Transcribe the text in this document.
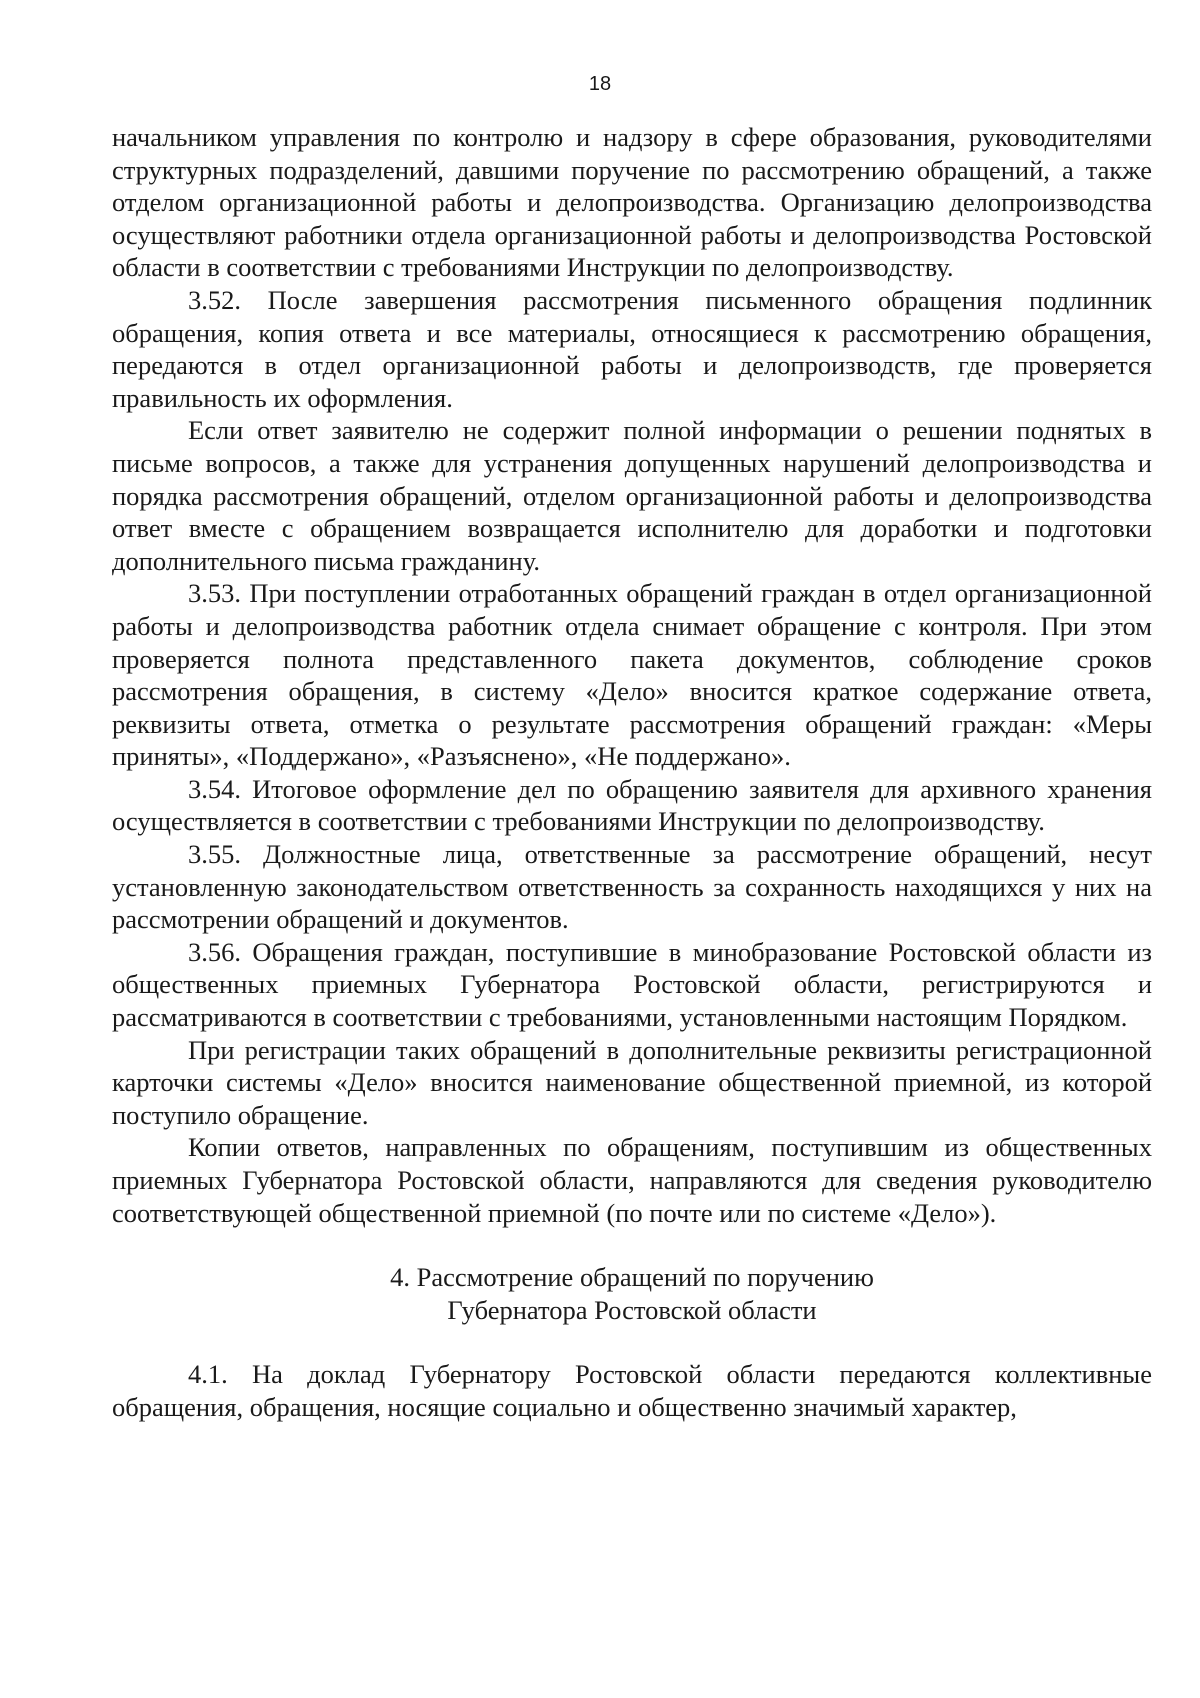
18

начальником управления по контролю и надзору в сфере образования, руководителями структурных подразделений, давшими поручение по рассмотрению обращений, а также отделом организационной работы и делопроизводства. Организацию делопроизводства осуществляют работники отдела организационной работы и делопроизводства Ростовской области в соответствии с требованиями Инструкции по делопроизводству.

3.52. После завершения рассмотрения письменного обращения подлинник обращения, копия ответа и все материалы, относящиеся к рассмотрению обращения, передаются в отдел организационной работы и делопроизводств, где проверяется правильность их оформления.

Если ответ заявителю не содержит полной информации о решении поднятых в письме вопросов, а также для устранения допущенных нарушений делопроизводства и порядка рассмотрения обращений, отделом организационной работы и делопроизводства ответ вместе с обращением возвращается исполнителю для доработки и подготовки дополнительного письма гражданину.

3.53. При поступлении отработанных обращений граждан в отдел организационной работы и делопроизводства работник отдела снимает обращение с контроля. При этом проверяется полнота представленного пакета документов, соблюдение сроков рассмотрения обращения, в систему «Дело» вносится краткое содержание ответа, реквизиты ответа, отметка о результате рассмотрения обращений граждан: «Меры приняты», «Поддержано», «Разъяснено», «Не поддержано».

3.54. Итоговое оформление дел по обращению заявителя для архивного хранения осуществляется в соответствии с требованиями Инструкции по делопроизводству.

3.55. Должностные лица, ответственные за рассмотрение обращений, несут установленную законодательством ответственность за сохранность находящихся у них на рассмотрении обращений и документов.

3.56. Обращения граждан, поступившие в минобразование Ростовской области из общественных приемных Губернатора Ростовской области, регистрируются и рассматриваются в соответствии с требованиями, установленными настоящим Порядком.

При регистрации таких обращений в дополнительные реквизиты регистрационной карточки системы «Дело» вносится наименование общественной приемной, из которой поступило обращение.

Копии ответов, направленных по обращениям, поступившим из общественных приемных Губернатора Ростовской области, направляются для сведения руководителю соответствующей общественной приемной (по почте или по системе «Дело»).

4. Рассмотрение обращений по поручению

Губернатора Ростовской области

4.1. На доклад Губернатору Ростовской области передаются коллективные обращения, обращения, носящие социально и общественно значимый характер,
